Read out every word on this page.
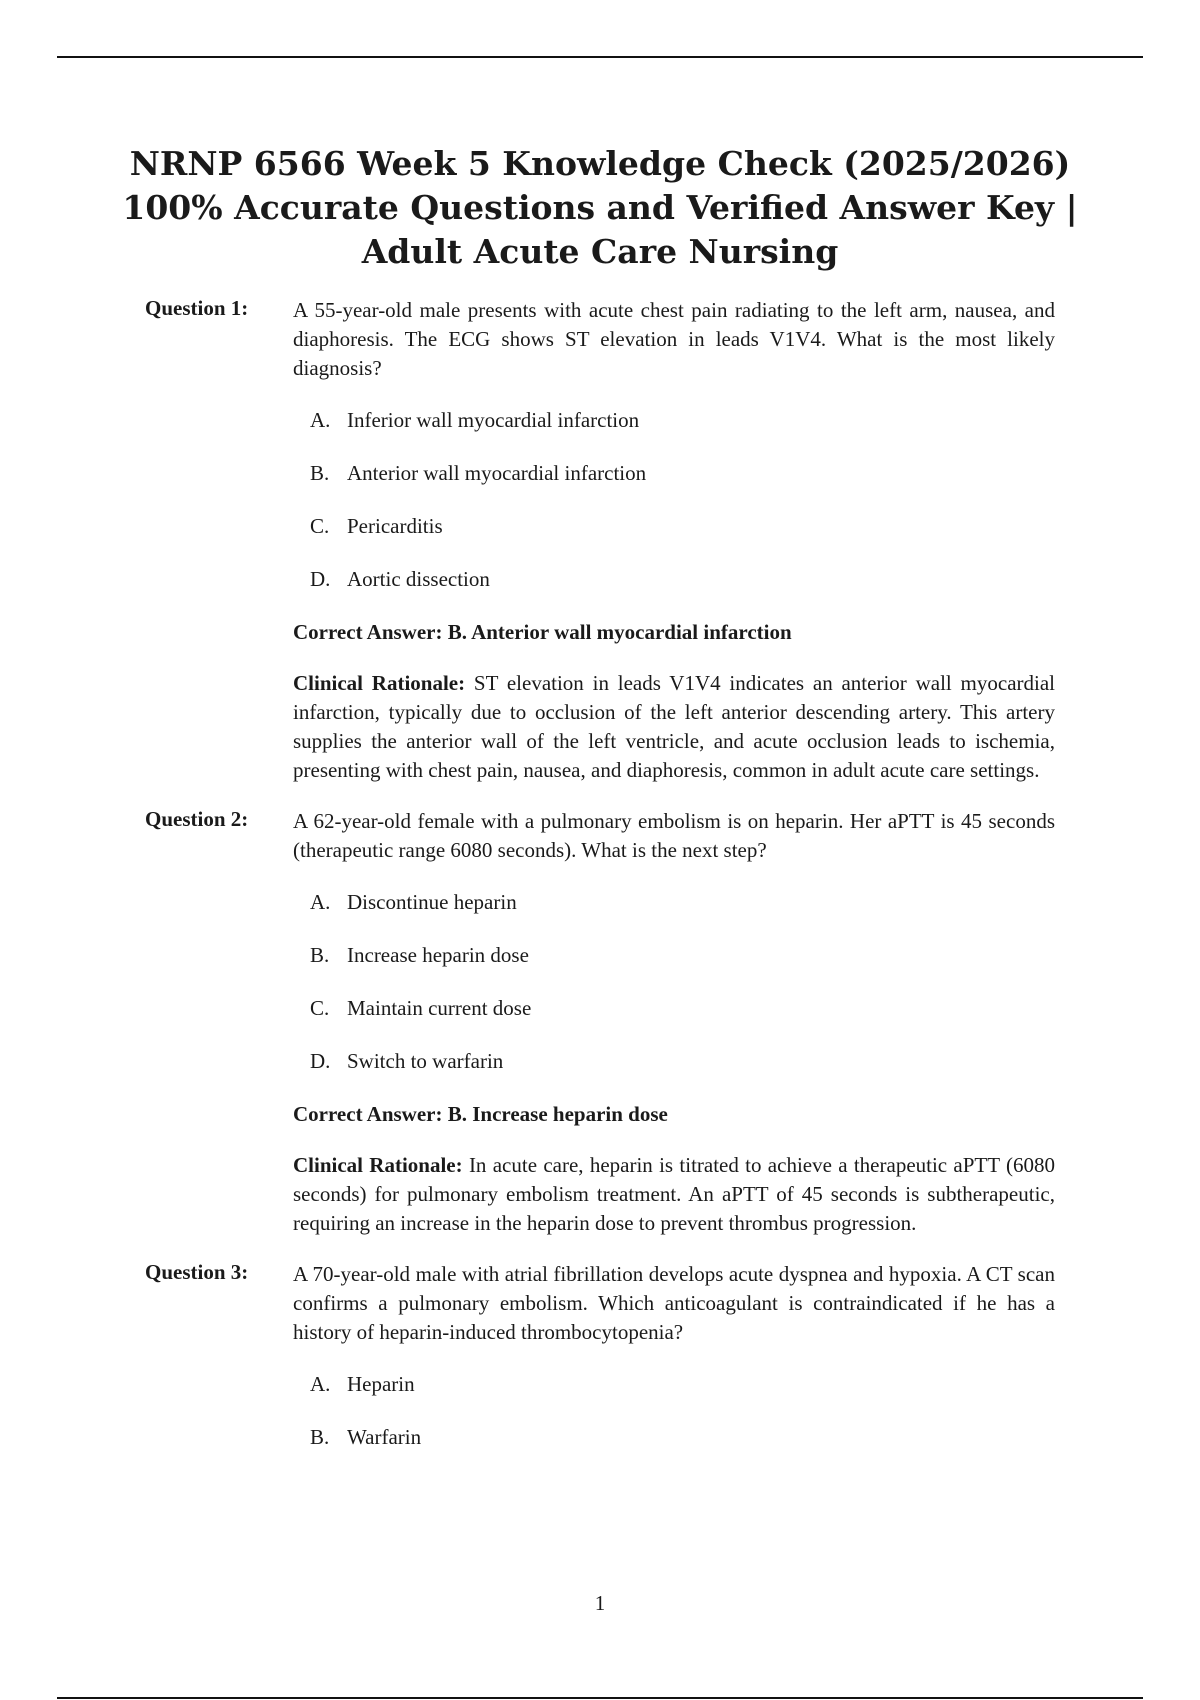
NRNP 6566 Week 5 Knowledge Check (2025/2026)
100% Accurate Questions and Verified Answer Key |
Adult Acute Care Nursing
Question 1: A 55-year-old male presents with acute chest pain radiating to the left arm, nausea, and diaphoresis. The ECG shows ST elevation in leads V1V4. What is the most likely diagnosis?

A. Inferior wall myocardial infarction
B. Anterior wall myocardial infarction
C. Pericarditis
D. Aortic dissection

Correct Answer: B. Anterior wall myocardial infarction

Clinical Rationale: ST elevation in leads V1V4 indicates an anterior wall myocardial infarction, typically due to occlusion of the left anterior descending artery. This artery supplies the anterior wall of the left ventricle, and acute occlusion leads to ischemia, presenting with chest pain, nausea, and diaphoresis, common in adult acute care settings.

Question 2: A 62-year-old female with a pulmonary embolism is on heparin. Her aPTT is 45 seconds (therapeutic range 6080 seconds). What is the next step?

A. Discontinue heparin
B. Increase heparin dose
C. Maintain current dose
D. Switch to warfarin

Correct Answer: B. Increase heparin dose

Clinical Rationale: In acute care, heparin is titrated to achieve a therapeutic aPTT (6080 seconds) for pulmonary embolism treatment. An aPTT of 45 seconds is subtherapeutic, requiring an increase in the heparin dose to prevent thrombus progression.

Question 3: A 70-year-old male with atrial fibrillation develops acute dyspnea and hypoxia. A CT scan confirms a pulmonary embolism. Which anticoagulant is contraindicated if he has a history of heparin-induced thrombocytopenia?

A. Heparin
B. Warfarin
1
